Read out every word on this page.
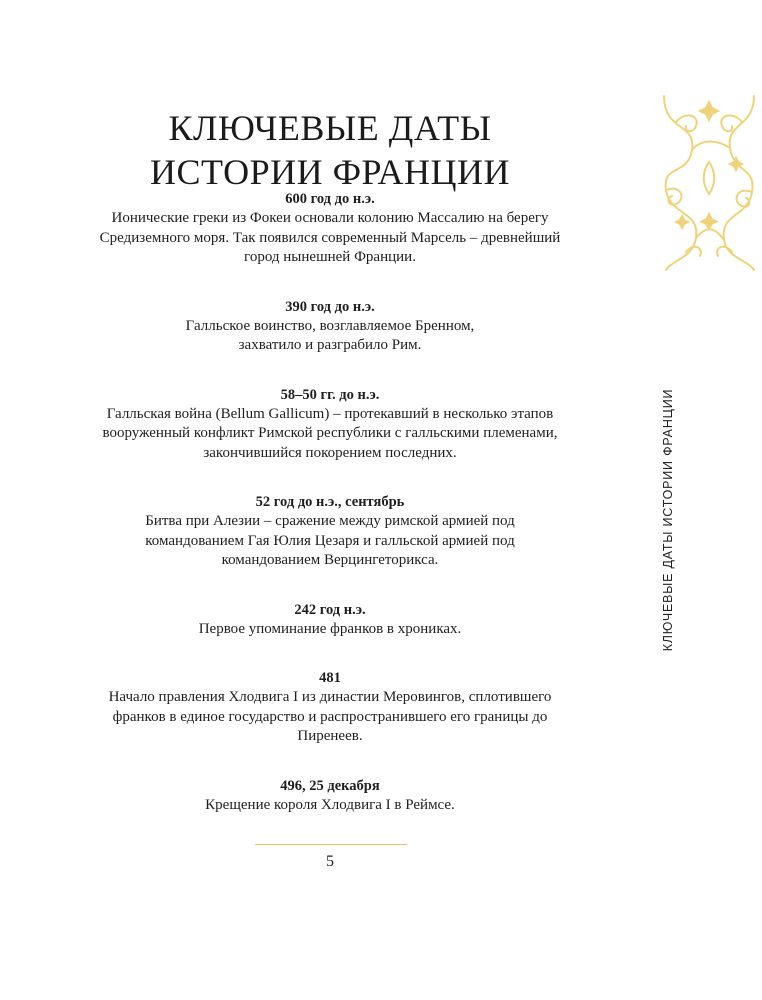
КЛЮЧЕВЫЕ ДАТЫ
ИСТОРИИ ФРАНЦИИ
600 год до н.э.
Ионические греки из Фокеи основали колонию Массалию на берегу
Средиземного моря. Так появился современный Марсель – древнейший
город нынешней Франции.
390 год до н.э.
Галльское воинство, возглавляемое Бренном,
захватило и разграбило Рим.
58–50 гг. до н.э.
Галльская война (Bellum Gallicum) – протекавший в несколько этапов
вооруженный конфликт Римской республики с галльскими племенами,
закончившийся покорением последних.
52 год до н.э., сентябрь
Битва при Алезии – сражение между римской армией под
командованием Гая Юлия Цезаря и галльской армией под
командованием Верцингеторикса.
242 год н.э.
Первое упоминание франков в хрониках.
481
Начало правления Хлодвига I из династии Меровингов, сплотившего
франков в единое государство и распространившего его границы до
Пиренеев.
496, 25 декабря
Крещение короля Хлодвига I в Реймсе.
5
КЛЮЧЕВЫЕ ДАТЫ ИСТОРИИ ФРАНЦИИ
